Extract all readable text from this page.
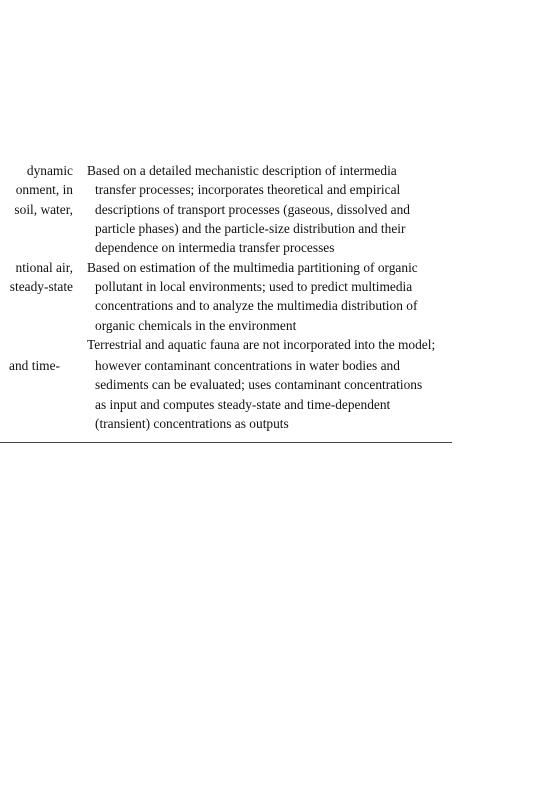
dynamic
onment, in
soil, water,
Based on a detailed mechanistic description of intermedia
transfer processes; incorporates theoretical and empirical
descriptions of transport processes (gaseous, dissolved and
particle phases) and the particle-size distribution and their
dependence on intermedia transfer processes
ntional air,
steady-state
Based on estimation of the multimedia partitioning of organic
pollutant in local environments; used to predict multimedia
concentrations and to analyze the multimedia distribution of
organic chemicals in the environment
and time-
Terrestrial and aquatic fauna are not incorporated into the model;
however contaminant concentrations in water bodies and
sediments can be evaluated; uses contaminant concentrations
as input and computes steady-state and time-dependent
(transient) concentrations as outputs
